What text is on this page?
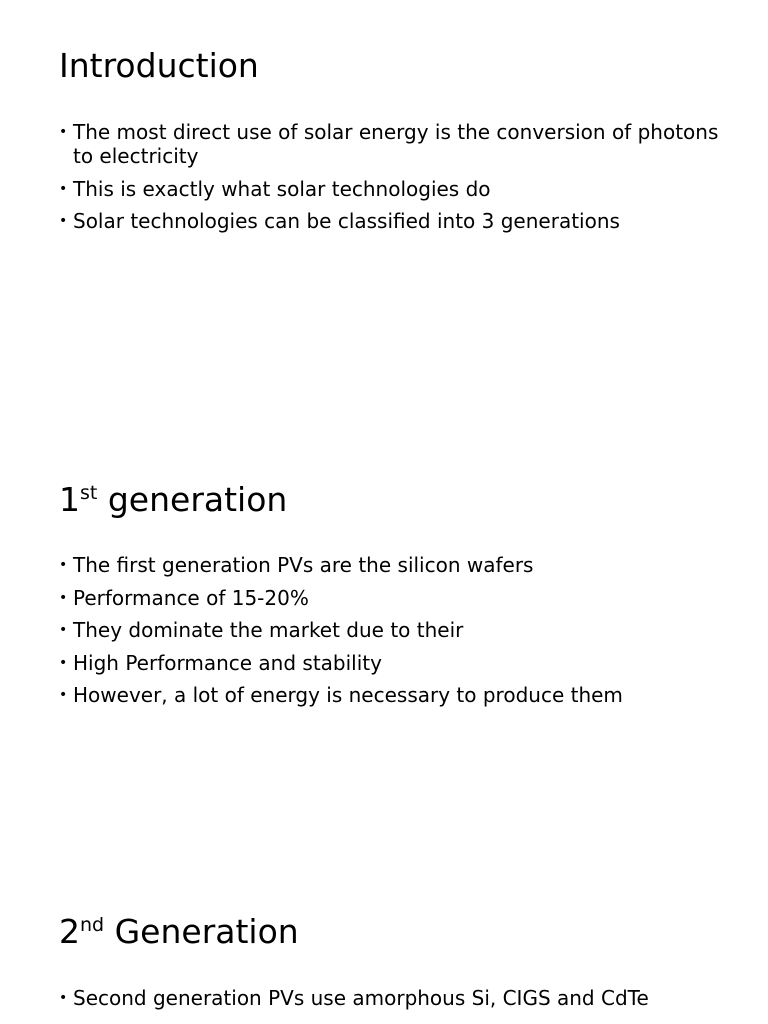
Introduction
• The most direct use of solar energy is the conversion of photons to electricity
• This is exactly what solar technologies do
• Solar technologies can be classified into 3 generations
1st generation
• The first generation PVs are the silicon wafers
• Performance of 15-20%
• They dominate the market due to their
• High Performance and stability
• However, a lot of energy is necessary to produce them
2nd Generation
• Second generation PVs use amorphous Si, CIGS and CdTe
